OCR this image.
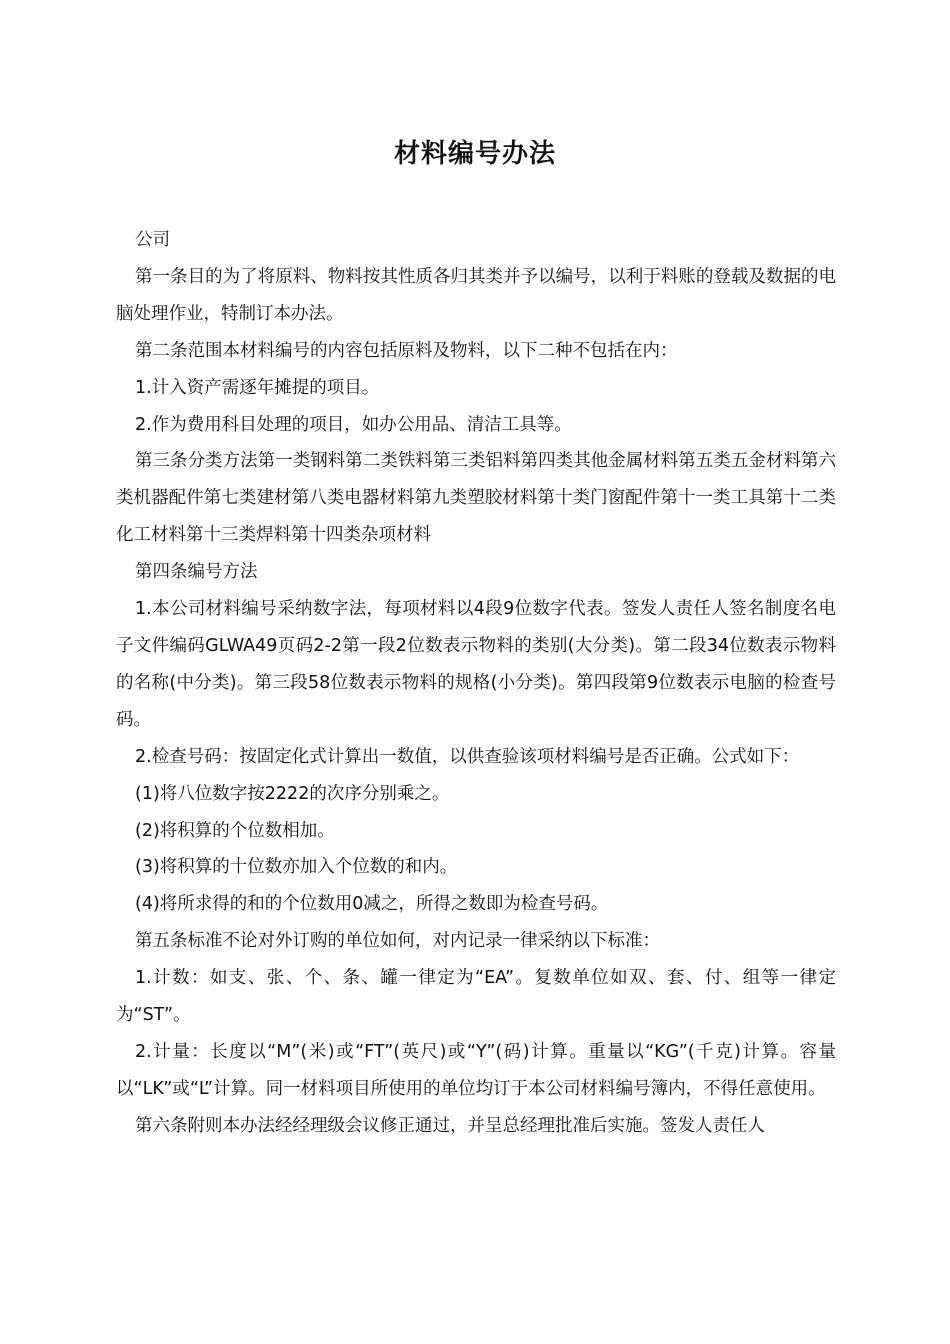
材料编号办法

公司

第一条目的为了将原料、物料按其性质各归其类并予以编号，以利于料账的登载及数据的电脑处理作业，特制订本办法。

第二条范围本材料编号的内容包括原料及物料，以下二种不包括在内：

1.计入资产需逐年摊提的项目。

2.作为费用科目处理的项目，如办公用品、清洁工具等。

第三条分类方法第一类钢料第二类铁料第三类铝料第四类其他金属材料第五类五金材料第六类机器配件第七类建材第八类电器材料第九类塑胶材料第十类门窗配件第十一类工具第十二类化工材料第十三类焊料第十四类杂项材料

第四条编号方法

1.本公司材料编号采纳数字法，每项材料以4段9位数字代表。签发人责任人签名制度名电子文件编码GLWA49页码2-2第一段2位数表示物料的类别(大分类)。第二段34位数表示物料的名称(中分类)。第三段58位数表示物料的规格(小分类)。第四段第9位数表示电脑的检查号码。

2.检查号码：按固定化式计算出一数值，以供查验该项材料编号是否正确。公式如下：

(1)将八位数字按2222的次序分别乘之。

(2)将积算的个位数相加。

(3)将积算的十位数亦加入个位数的和内。

(4)将所求得的和的个位数用0减之，所得之数即为检查号码。

第五条标准不论对外订购的单位如何，对内记录一律采纳以下标准：

1.计数：如支、张、个、条、罐一律定为“EA”。复数单位如双、套、付、组等一律定为“ST”。

2.计量：长度以“M”(米)或“FT”(英尺)或“Y”(码)计算。重量以“KG”(千克)计算。容量以“LK”或“L”计算。同一材料项目所使用的单位均订于本公司材料编号簿内，不得任意使用。

第六条附则本办法经经理级会议修正通过，并呈总经理批准后实施。签发人责任人
